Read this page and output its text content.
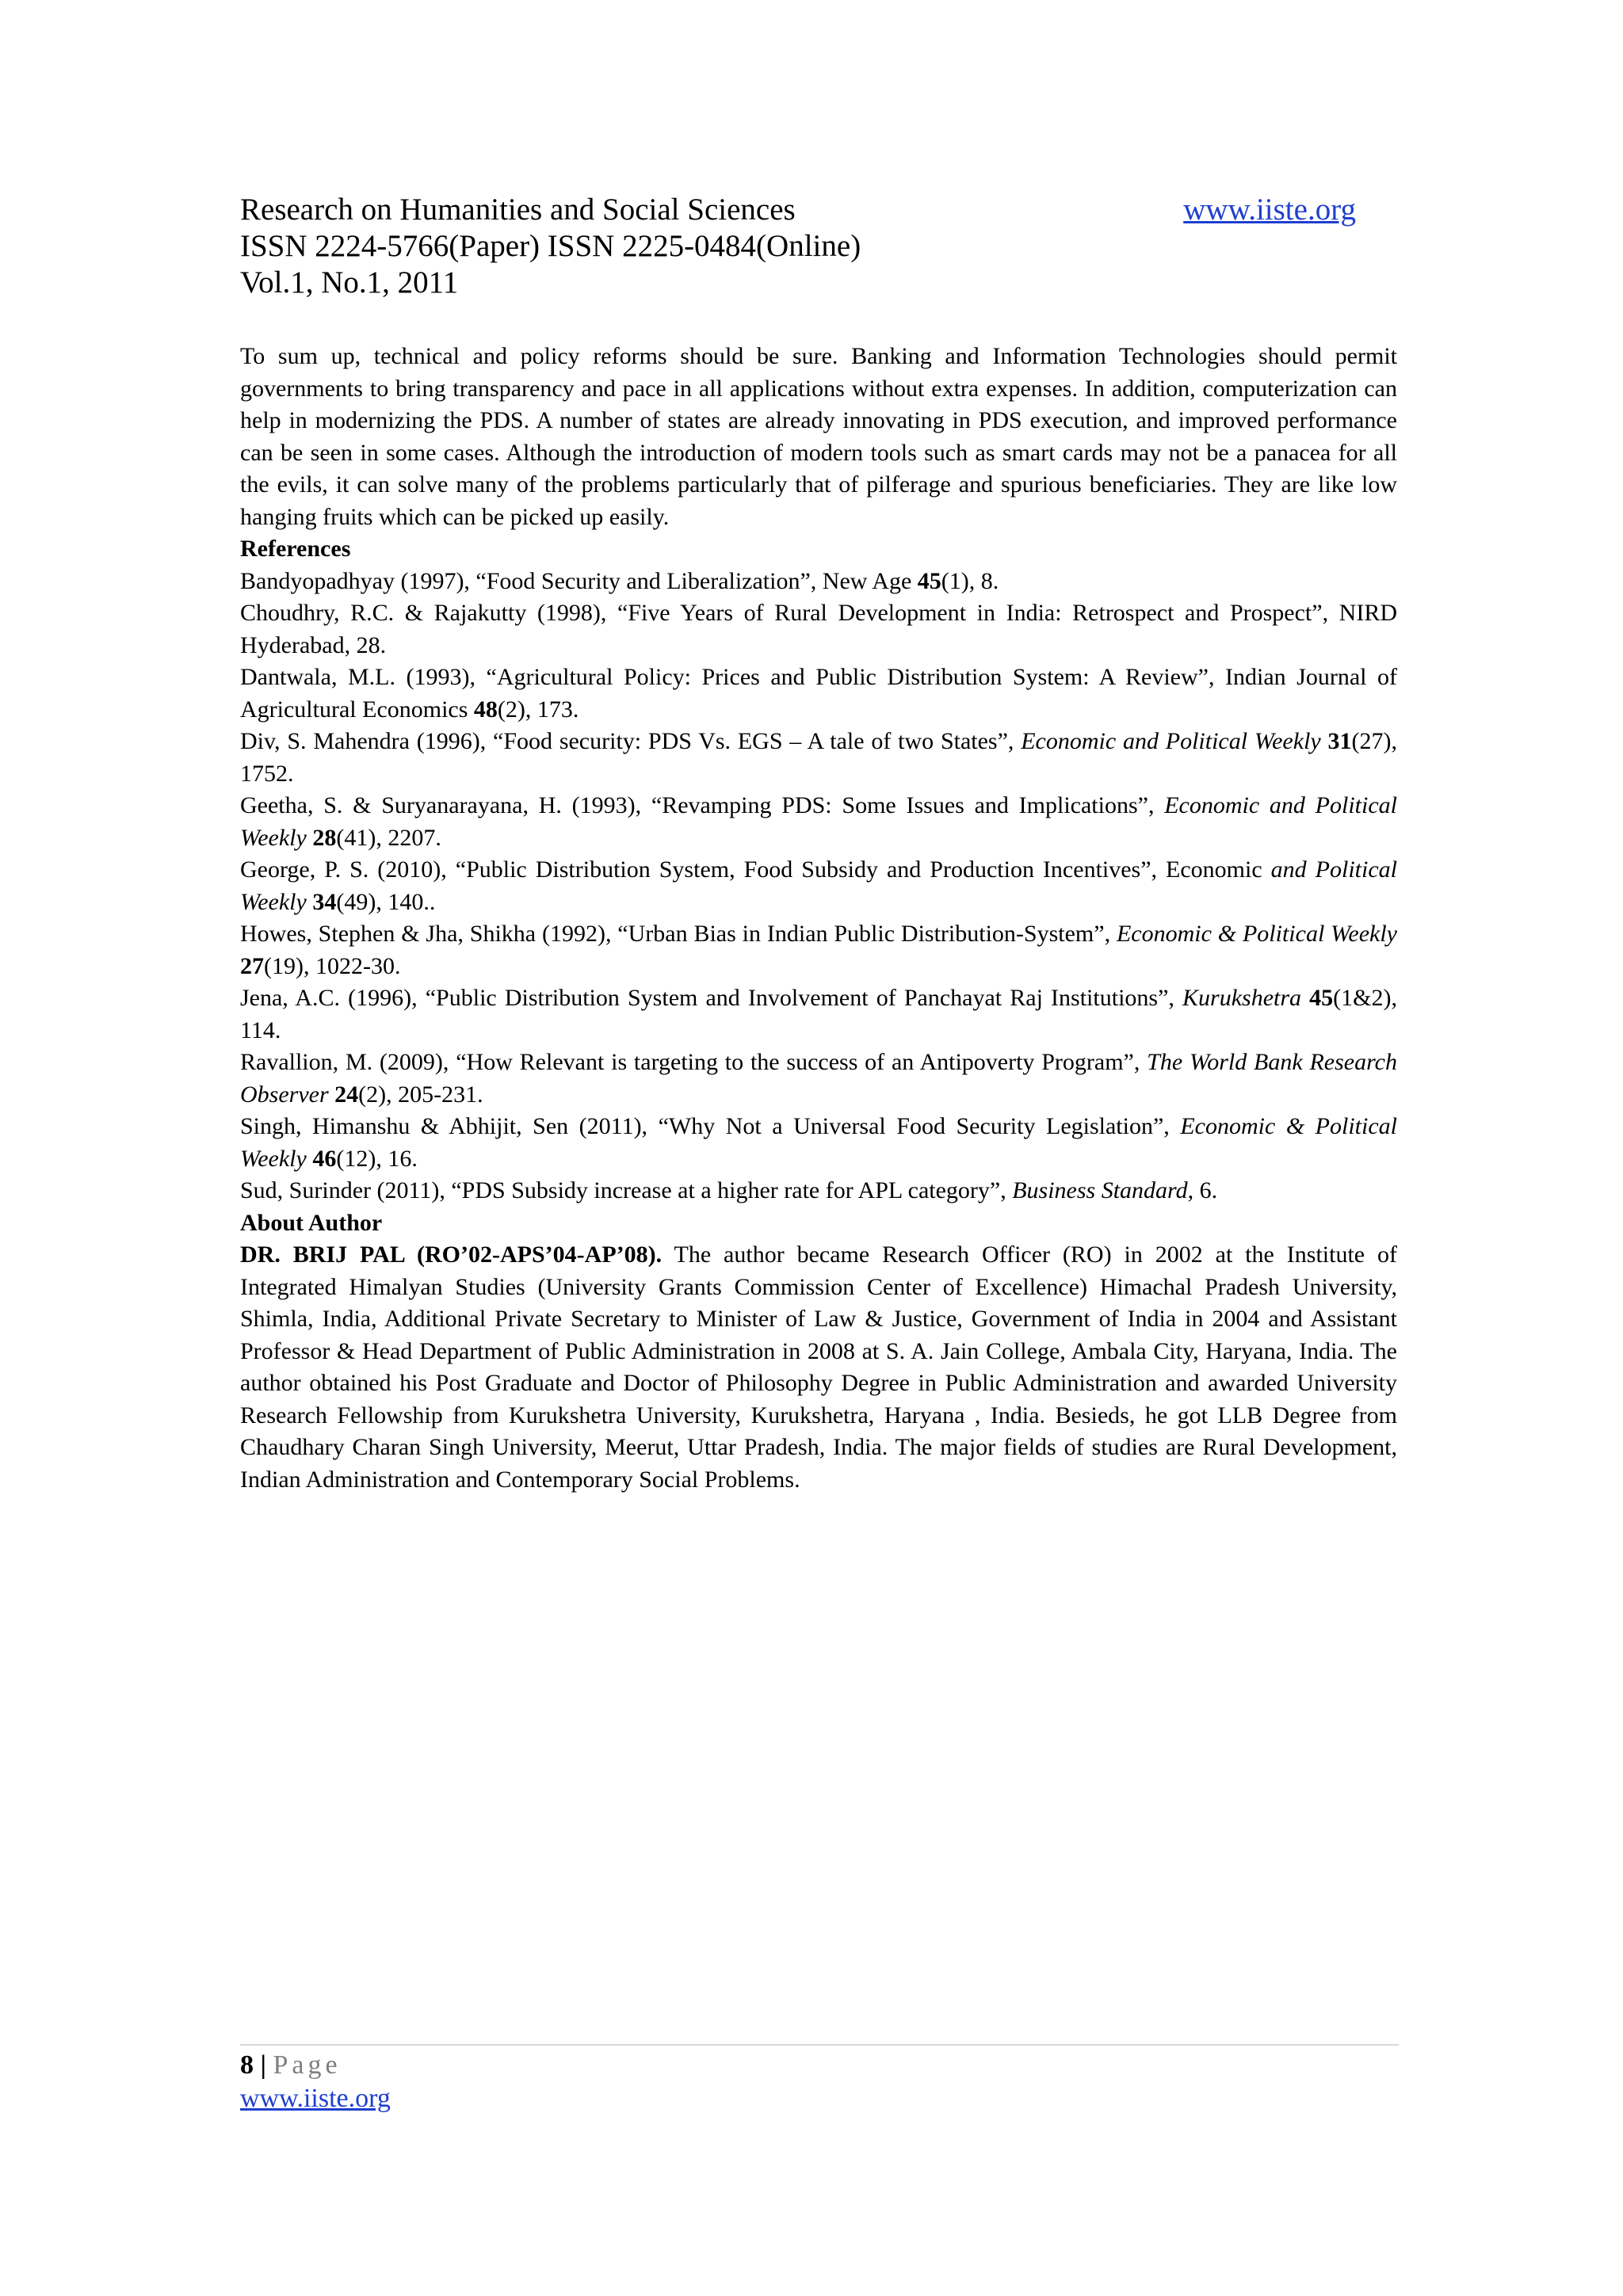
Research on Humanities and Social Sciences	www.iiste.org
ISSN 2224-5766(Paper) ISSN 2225-0484(Online)
Vol.1, No.1, 2011

To sum up, technical and policy reforms should be sure. Banking and Information Technologies should permit governments to bring transparency and pace in all applications without extra expenses. In addition, computerization can help in modernizing the PDS. A number of states are already innovating in PDS execution, and improved performance can be seen in some cases. Although the introduction of modern tools such as smart cards may not be a panacea for all the evils, it can solve many of the problems particularly that of pilferage and spurious beneficiaries. They are like low hanging fruits which can be picked up easily.

References

Bandyopadhyay (1997), “Food Security and Liberalization”, New Age 45(1), 8.

Choudhry, R.C. & Rajakutty (1998), “Five Years of Rural Development in India: Retrospect and Prospect”, NIRD Hyderabad, 28.

Dantwala, M.L. (1993), “Agricultural Policy: Prices and Public Distribution System: A Review”, Indian Journal of Agricultural Economics 48(2), 173.

Div, S. Mahendra (1996), “Food security: PDS Vs. EGS – A tale of two States”, Economic and Political Weekly 31(27), 1752.

Geetha, S. & Suryanarayana, H. (1993), “Revamping PDS: Some Issues and Implications”, Economic and Political Weekly 28(41), 2207.

George, P. S. (2010), “Public Distribution System, Food Subsidy and Production Incentives”, Economic and Political Weekly 34(49), 140..

Howes, Stephen & Jha, Shikha (1992), “Urban Bias in Indian Public Distribution-System”, Economic & Political Weekly 27(19), 1022-30.

Jena, A.C. (1996), “Public Distribution System and Involvement of Panchayat Raj Institutions”, Kurukshetra 45(1&2), 114.

Ravallion, M. (2009), “How Relevant is targeting to the success of an Antipoverty Program”, The World Bank Research Observer 24(2), 205-231.

Singh, Himanshu & Abhijit, Sen (2011), “Why Not a Universal Food Security Legislation”, Economic & Political Weekly 46(12), 16.

Sud, Surinder (2011), “PDS Subsidy increase at a higher rate for APL category”, Business Standard, 6.

About Author

DR. BRIJ PAL (RO’02-APS’04-AP’08). The author became Research Officer (RO) in 2002 at the Institute of Integrated Himalyan Studies (University Grants Commission Center of Excellence) Himachal Pradesh University, Shimla, India, Additional Private Secretary to Minister of Law & Justice, Government of India in 2004 and Assistant Professor & Head Department of Public Administration in 2008 at S. A. Jain College, Ambala City, Haryana, India. The author obtained his Post Graduate and Doctor of Philosophy Degree in Public Administration and awarded University Research Fellowship from Kurukshetra University, Kurukshetra, Haryana , India. Besieds, he got LLB Degree from Chaudhary Charan Singh University, Meerut, Uttar Pradesh, India. The major fields of studies are Rural Development, Indian Administration and Contemporary Social Problems.

8 | Page
www.iiste.org
